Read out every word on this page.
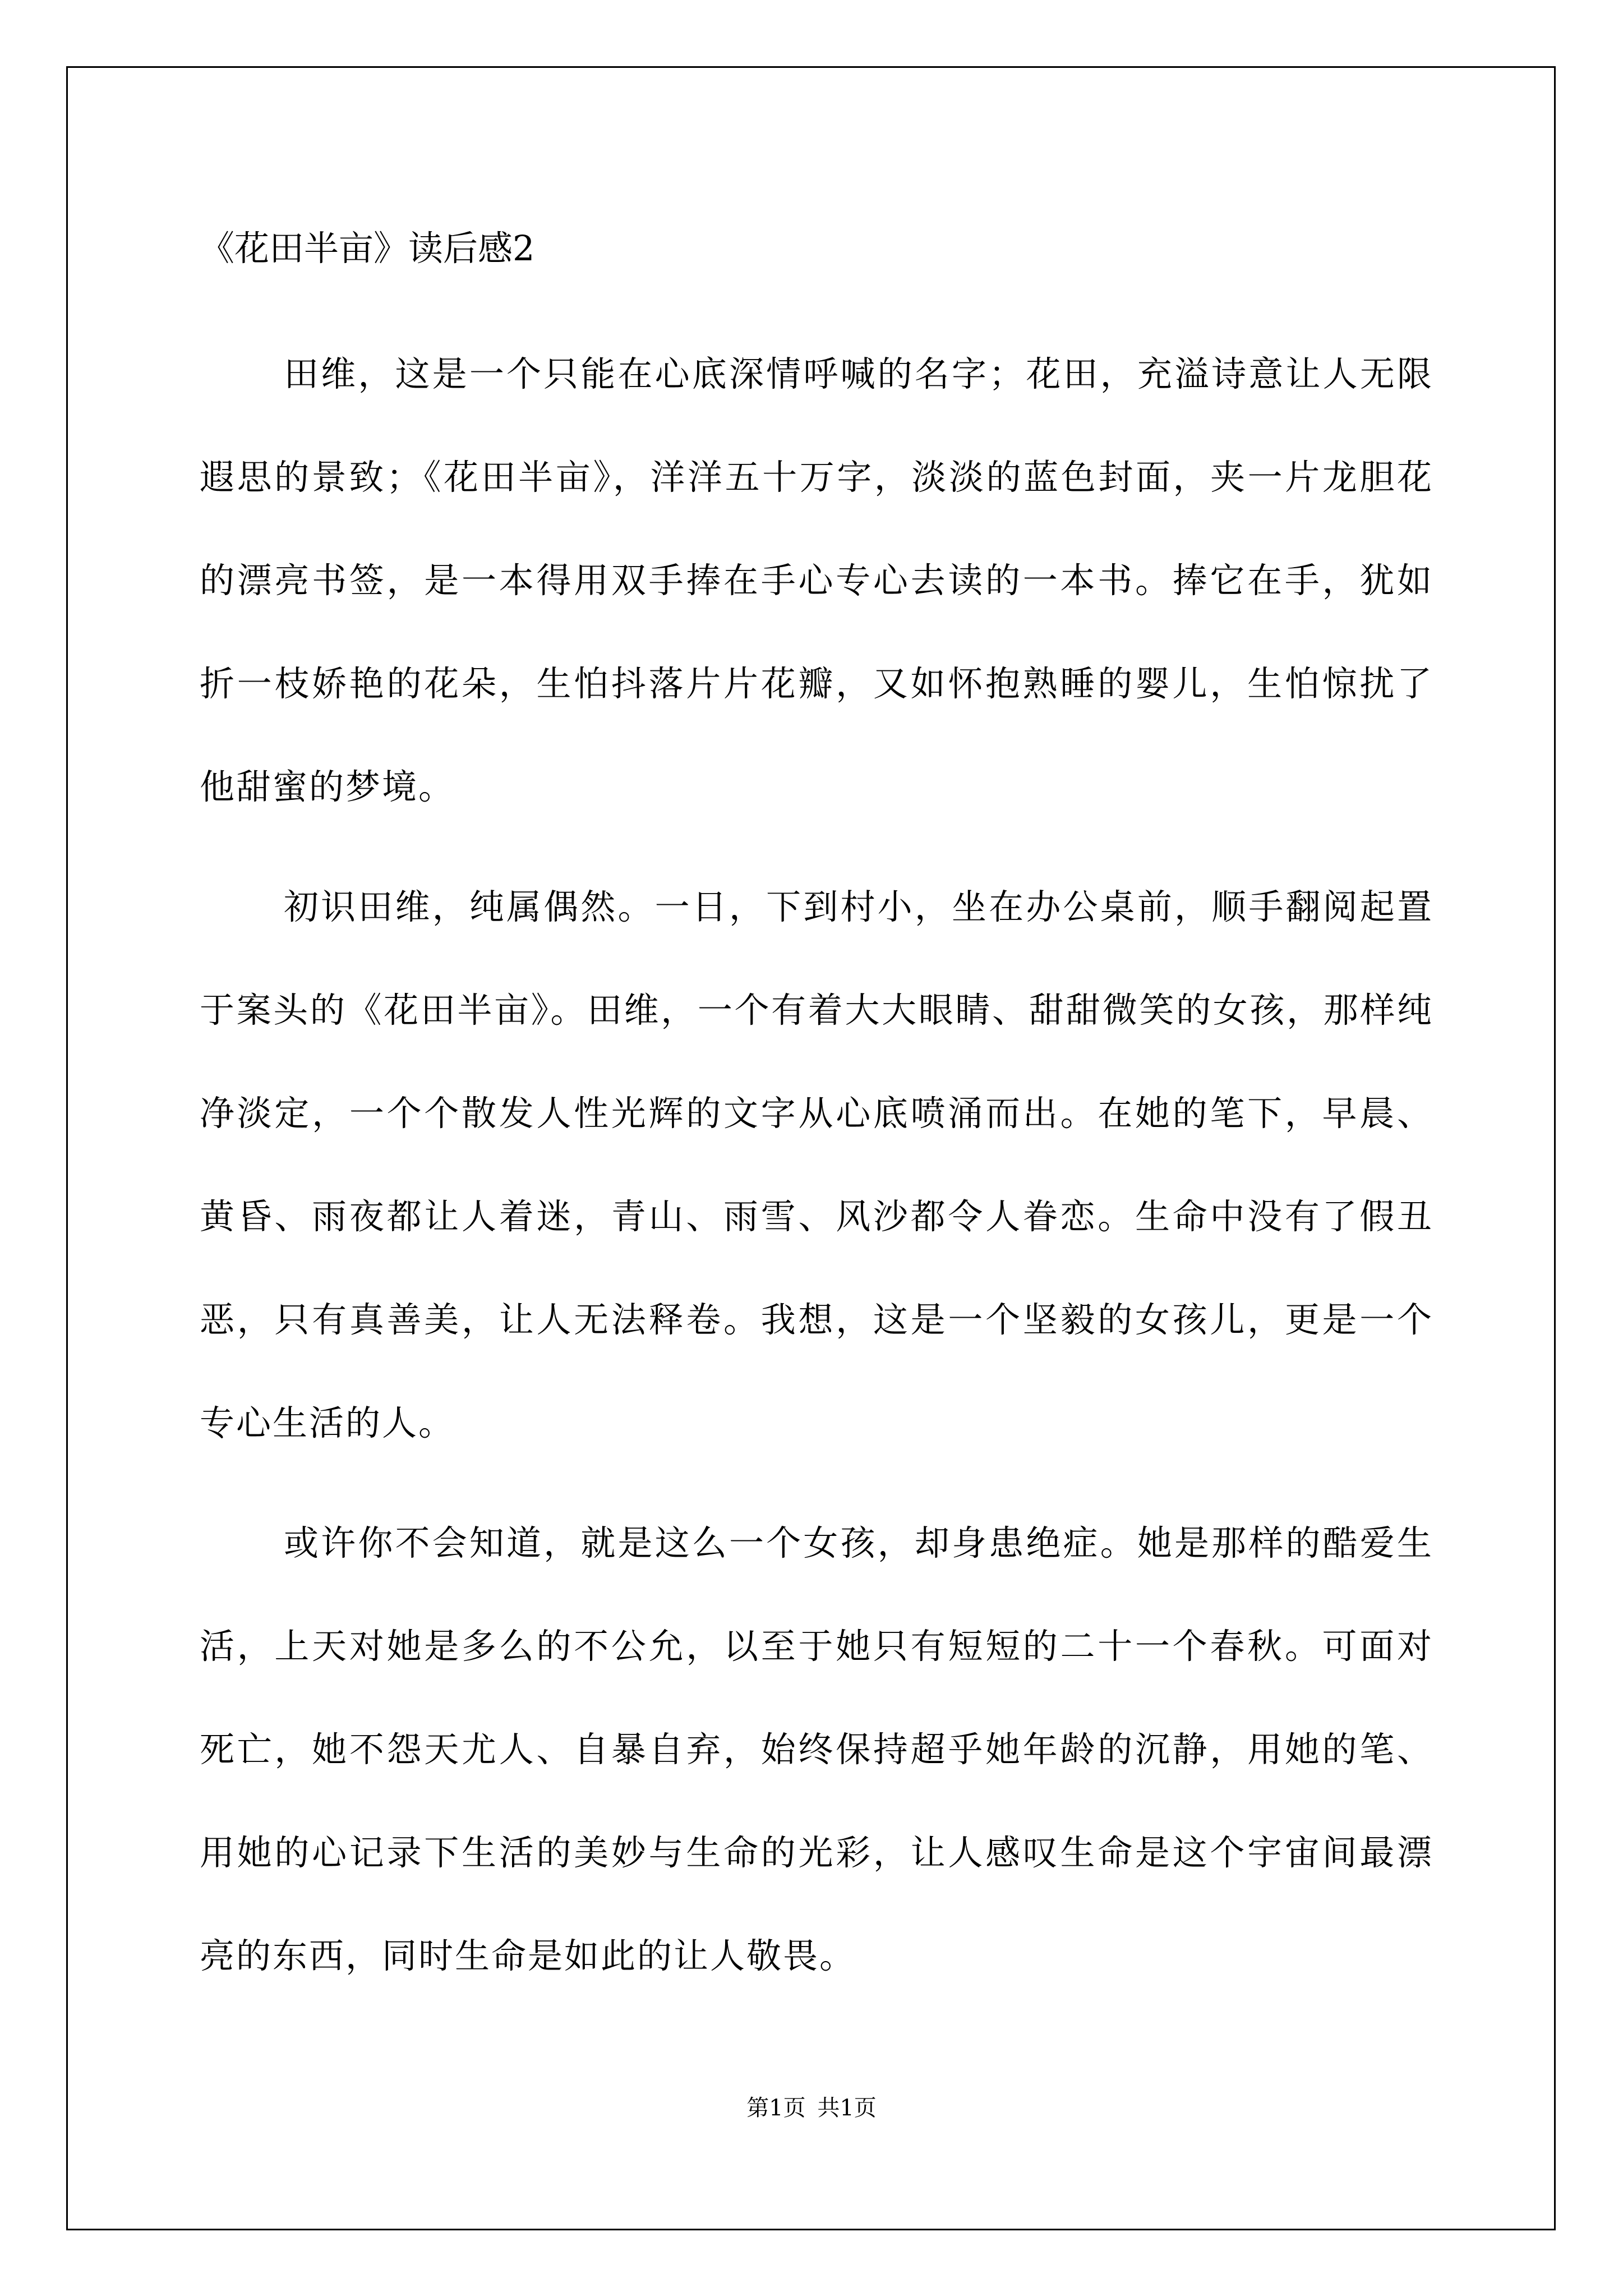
《花田半亩》读后感2

田维，这是一个只能在心底深情呼喊的名字；花田，充溢诗意让人无限遐思的景致；《花田半亩》，洋洋五十万字，淡淡的蓝色封面，夹一片龙胆花的漂亮书签，是一本得用双手捧在手心专心去读的一本书。捧它在手，犹如折一枝娇艳的花朵，生怕抖落片片花瓣，又如怀抱熟睡的婴儿，生怕惊扰了他甜蜜的梦境。

初识田维，纯属偶然。一日，下到村小，坐在办公桌前，顺手翻阅起置于案头的《花田半亩》。田维，一个有着大大眼睛、甜甜微笑的女孩，那样纯净淡定，一个个散发人性光辉的文字从心底喷涌而出。在她的笔下，早晨、黄昏、雨夜都让人着迷，青山、雨雪、风沙都令人眷恋。生命中没有了假丑恶，只有真善美，让人无法释卷。我想，这是一个坚毅的女孩儿，更是一个专心生活的人。

或许你不会知道，就是这么一个女孩，却身患绝症。她是那样的酷爱生活，上天对她是多么的不公允，以至于她只有短短的二十一个春秋。可面对死亡，她不怨天尤人、自暴自弃，始终保持超乎她年龄的沉静，用她的笔、用她的心记录下生活的美妙与生命的光彩，让人感叹生命是这个宇宙间最漂亮的东西，同时生命是如此的让人敬畏。

第1页 共1页
